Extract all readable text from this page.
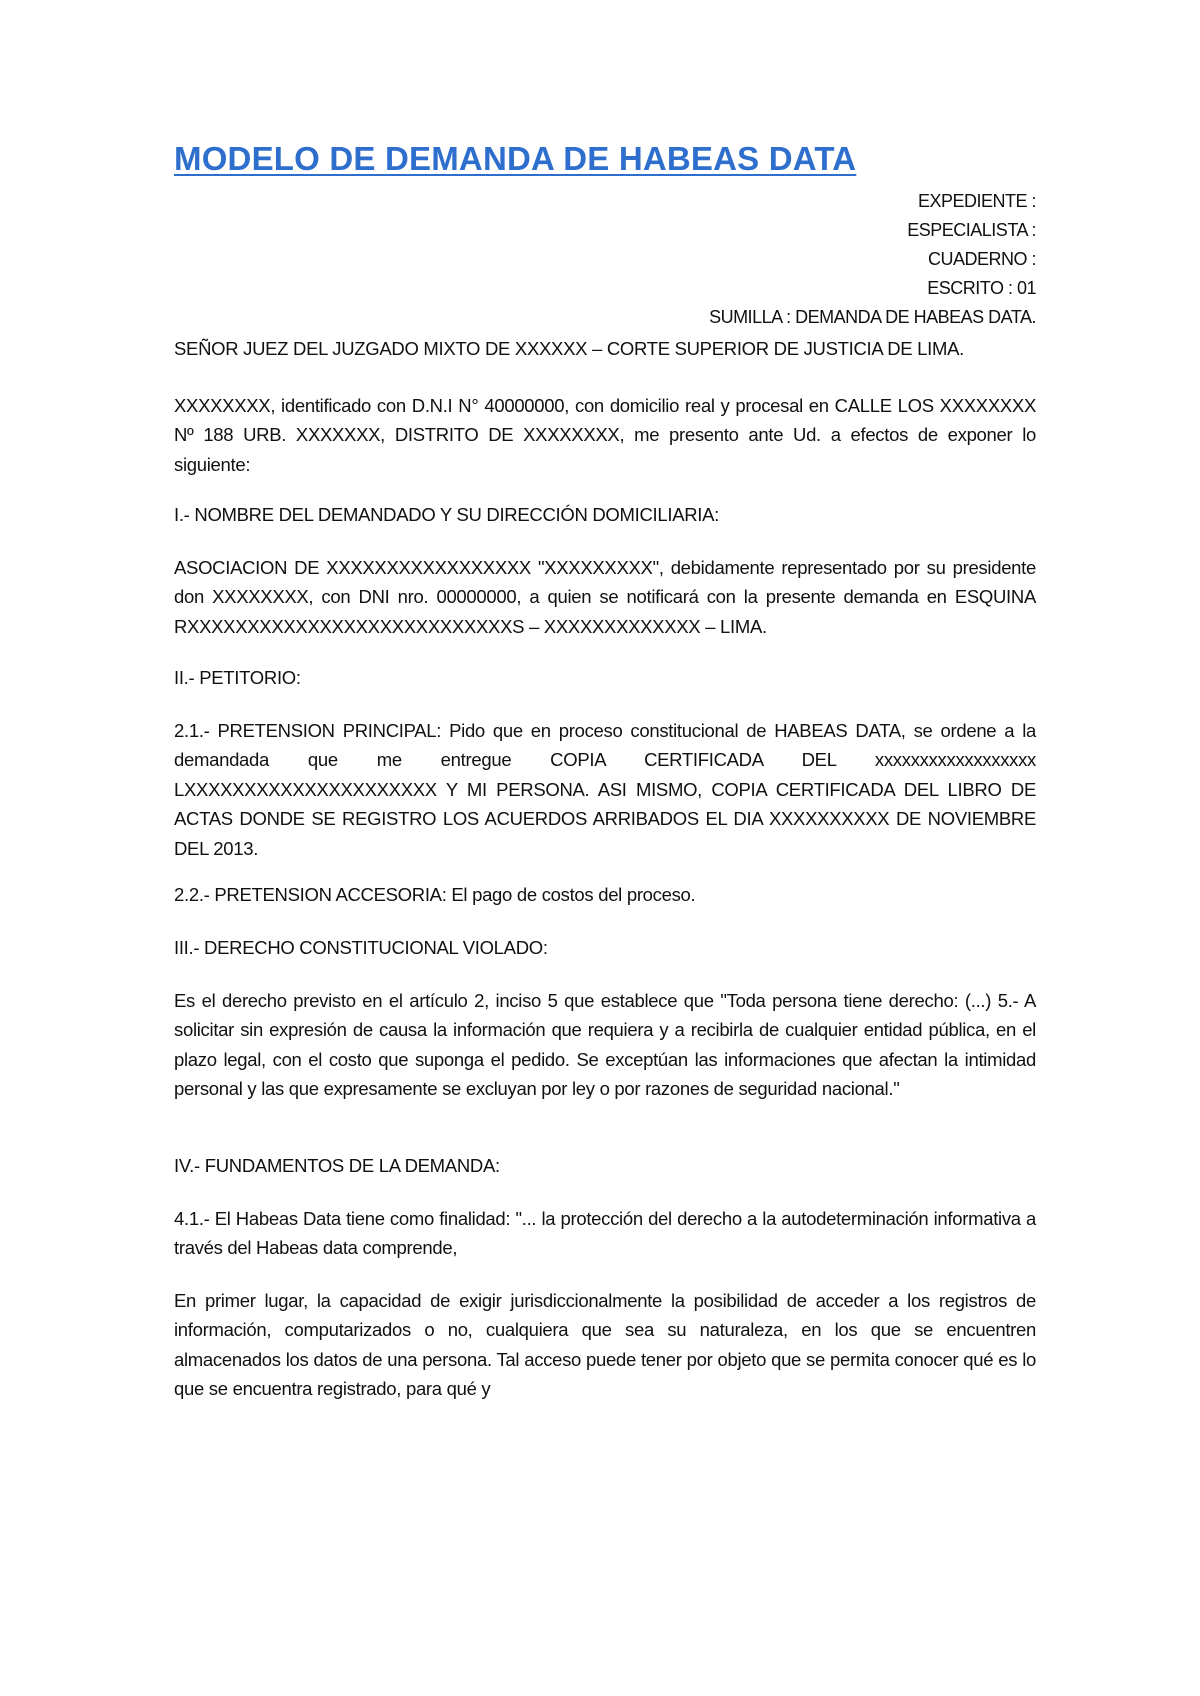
MODELO DE DEMANDA DE HABEAS DATA
EXPEDIENTE :
ESPECIALISTA :
CUADERNO :
ESCRITO : 01
SUMILLA : DEMANDA DE HABEAS DATA.

SEÑOR JUEZ DEL JUZGADO MIXTO DE XXXXXX – CORTE SUPERIOR DE JUSTICIA DE LIMA.

XXXXXXXX, identificado con D.N.I N° 40000000, con domicilio real y procesal en CALLE LOS XXXXXXXX Nº 188 URB. XXXXXXX, DISTRITO DE XXXXXXXX, me presento ante Ud. a efectos de exponer lo siguiente:

I.- NOMBRE DEL DEMANDADO Y SU DIRECCIÓN DOMICILIARIA:

ASOCIACION DE XXXXXXXXXXXXXXXXX "XXXXXXXXX", debidamente representado por su presidente don XXXXXXXX, con DNI nro. 00000000, a quien se notificará con la presente demanda en ESQUINA RXXXXXXXXXXXXXXXXXXXXXXXXXXXS – XXXXXXXXXXXXX – LIMA.

II.- PETITORIO:

2.1.- PRETENSION PRINCIPAL: Pido que en proceso constitucional de HABEAS DATA, se ordene a la demandada que me entregue COPIA CERTIFICADA DEL xxxxxxxxxxxxxxxxxx LXXXXXXXXXXXXXXXXXXXXX Y MI PERSONA. ASI MISMO, COPIA CERTIFICADA DEL LIBRO DE ACTAS DONDE SE REGISTRO LOS ACUERDOS ARRIBADOS EL DIA XXXXXXXXXX DE NOVIEMBRE DEL 2013.

2.2.- PRETENSION ACCESORIA: El pago de costos del proceso.

III.- DERECHO CONSTITUCIONAL VIOLADO:

Es el derecho previsto en el artículo 2, inciso 5 que establece que "Toda persona tiene derecho: (...) 5.- A solicitar sin expresión de causa la información que requiera y a recibirla de cualquier entidad pública, en el plazo legal, con el costo que suponga el pedido. Se exceptúan las informaciones que afectan la intimidad personal y las que expresamente se excluyan por ley o por razones de seguridad nacional."

IV.- FUNDAMENTOS DE LA DEMANDA:

4.1.- El Habeas Data tiene como finalidad: "... la protección del derecho a la autodeterminación informativa a través del Habeas data comprende,

En primer lugar, la capacidad de exigir jurisdiccionalmente la posibilidad de acceder a los registros de información, computarizados o no, cualquiera que sea su naturaleza, en los que se encuentren almacenados los datos de una persona. Tal acceso puede tener por objeto que se permita conocer qué es lo que se encuentra registrado, para qué y
